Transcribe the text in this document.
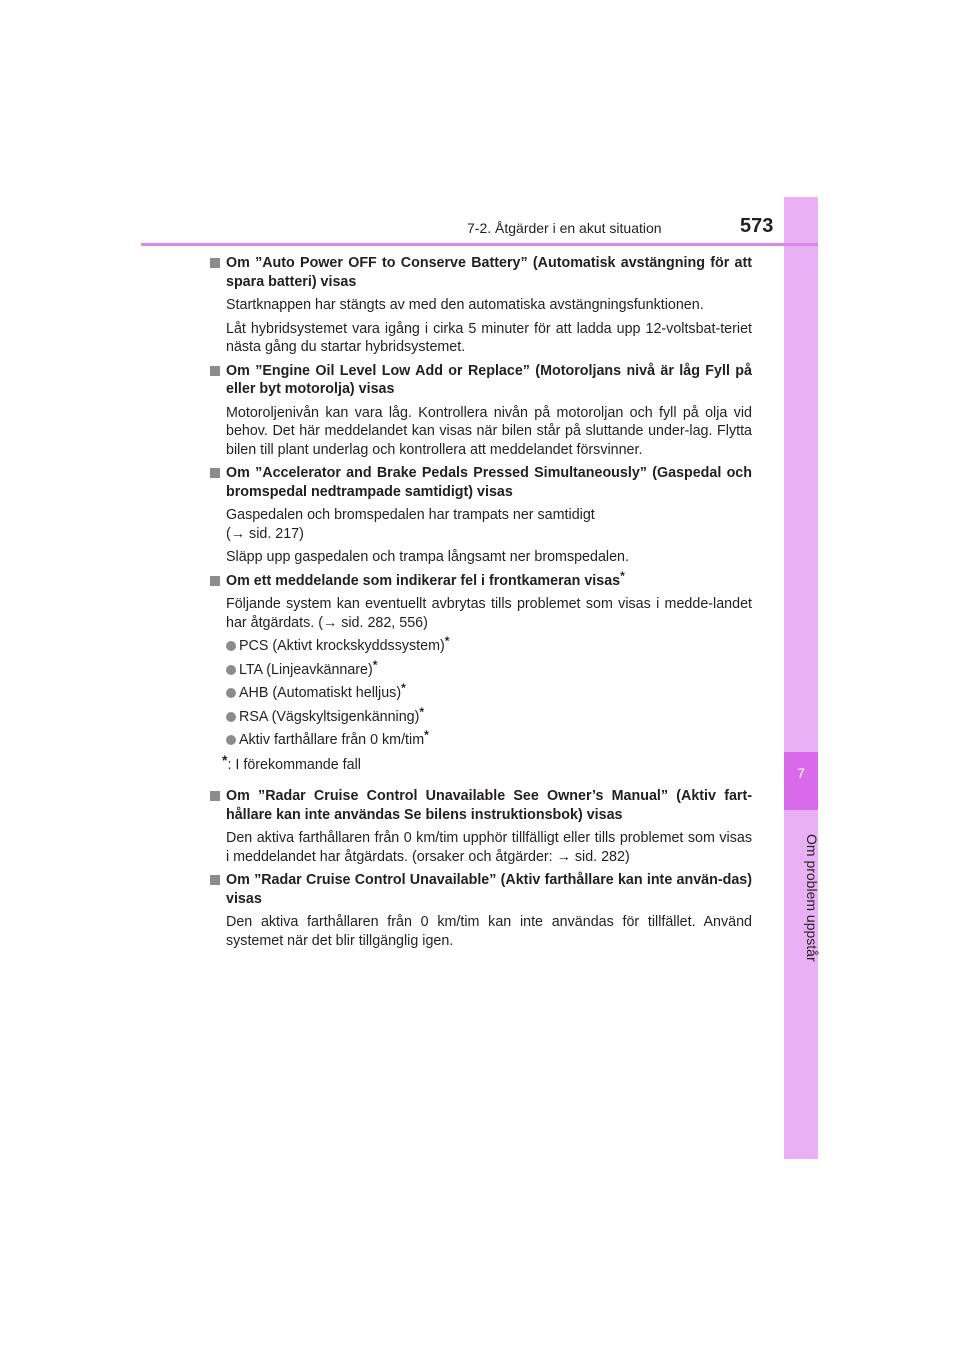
7
Om problem uppstår
7-2. Åtgärder i en akut situation	573
Om ”Auto Power OFF to Conserve Battery” (Automatisk avstängning för att spara batteri) visas
Startknappen har stängts av med den automatiska avstängningsfunktionen.
Låt hybridsystemet vara igång i cirka 5 minuter för att ladda upp 12-voltsbat-teriet nästa gång du startar hybridsystemet.
Om ”Engine Oil Level Low Add or Replace” (Motoroljans nivå är låg Fyll på eller byt motorolja) visas
Motoroljenivån kan vara låg. Kontrollera nivån på motoroljan och fyll på olja vid behov. Det här meddelandet kan visas när bilen står på sluttande under-lag. Flytta bilen till plant underlag och kontrollera att meddelandet försvinner.
Om ”Accelerator and Brake Pedals Pressed Simultaneously” (Gaspedal och bromspedal nedtrampade samtidigt) visas
Gaspedalen och bromspedalen har trampats ner samtidigt
(→ sid. 217)
Släpp upp gaspedalen och trampa långsamt ner bromspedalen.
Om ett meddelande som indikerar fel i frontkameran visas*
Följande system kan eventuellt avbrytas tills problemet som visas i medde-landet har åtgärdats. (→ sid. 282, 556)
PCS (Aktivt krockskyddssystem)*
LTA (Linjeavkännare)*
AHB (Automatiskt helljus)*
RSA (Vägskyltsigenkänning)*
Aktiv farthållare från 0 km/tim*
*: I förekommande fall
Om ”Radar Cruise Control Unavailable See Owner’s Manual” (Aktiv fart-hållare kan inte användas Se bilens instruktionsbok) visas
Den aktiva farthållaren från 0 km/tim upphör tillfälligt eller tills problemet som visas i meddelandet har åtgärdats. (orsaker och åtgärder: → sid. 282)
Om ”Radar Cruise Control Unavailable” (Aktiv farthållare kan inte använ-das) visas
Den aktiva farthållaren från 0 km/tim kan inte användas för tillfället. Använd systemet när det blir tillgänglig igen.
